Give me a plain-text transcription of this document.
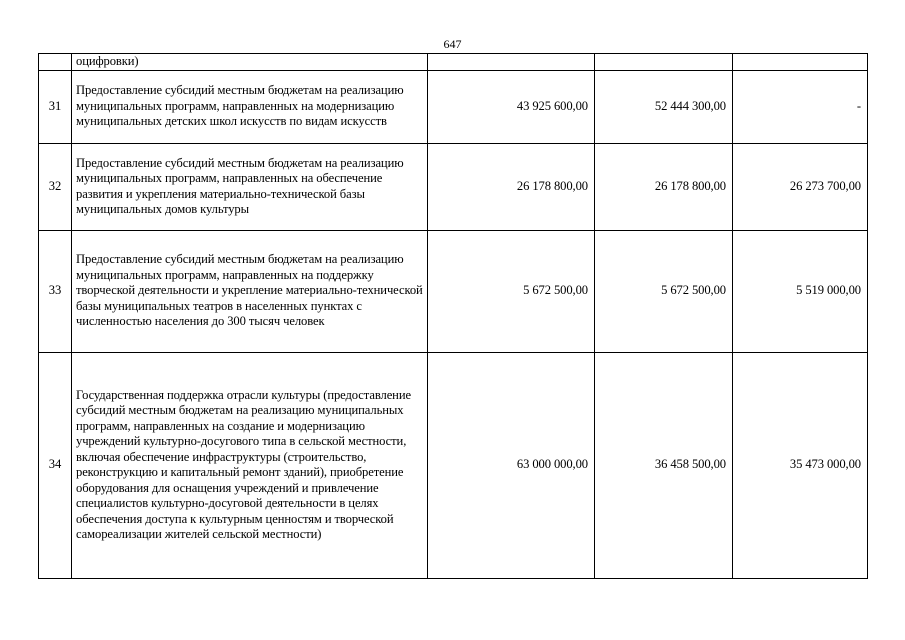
647
	оцифровки)			
31	Предоставление субсидий местным бюджетам на реализацию муниципальных программ, направленных на модернизацию муниципальных детских школ искусств по видам искусств	43 925 600,00	52 444 300,00	-
32	Предоставление субсидий местным бюджетам на реализацию муниципальных программ, направленных на обеспечение развития и укрепления материально-технической базы муниципальных домов культуры	26 178 800,00	26 178 800,00	26 273 700,00
33	Предоставление субсидий местным бюджетам на реализацию муниципальных программ, направленных на поддержку творческой деятельности и укрепление материально-технической базы муниципальных театров в населенных пунктах с численностью населения до 300 тысяч человек	5 672 500,00	5 672 500,00	5 519 000,00
34	Государственная поддержка отрасли культуры (предоставление субсидий местным бюджетам на реализацию муниципальных программ, направленных на создание и модернизацию учреждений культурно-досугового типа в сельской местности, включая обеспечение инфраструктуры (строительство, реконструкцию и капитальный ремонт зданий), приобретение оборудования для оснащения учреждений и привлечение специалистов культурно-досуговой деятельности в целях обеспечения доступа к культурным ценностям и творческой самореализации жителей сельской местности)	63 000 000,00	36 458 500,00	35 473 000,00
